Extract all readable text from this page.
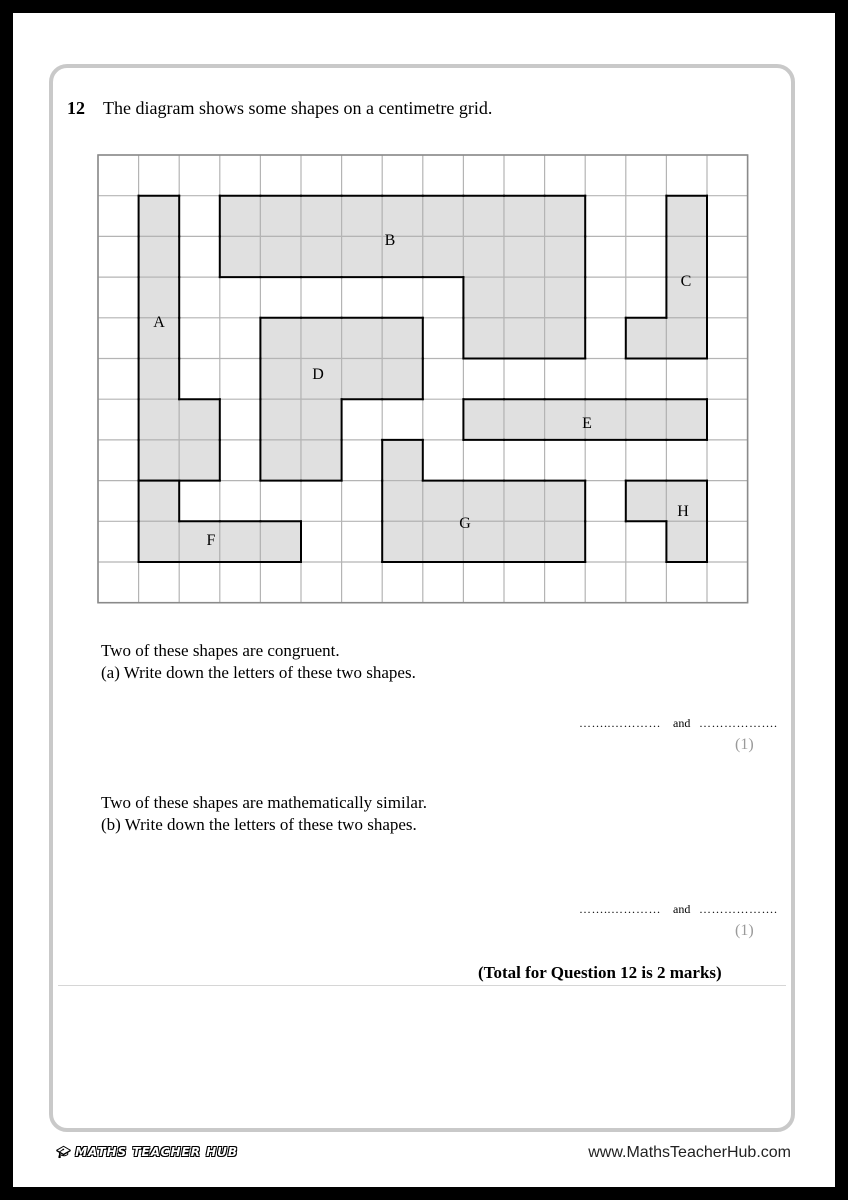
12 The diagram shows some shapes on a centimetre grid.
A
B
C
D
E
F
G
H
Two of these shapes are congruent.
(a) Write down the letters of these two shapes.
……..………… and ……………….
(1)
Two of these shapes are mathematically similar.
(b) Write down the letters of these two shapes.
……..………… and ……………….
(1)
(Total for Question 12 is 2 marks)
🎓︎ MATHS TEACHER HUB	www.MathsTeacherHub.com
